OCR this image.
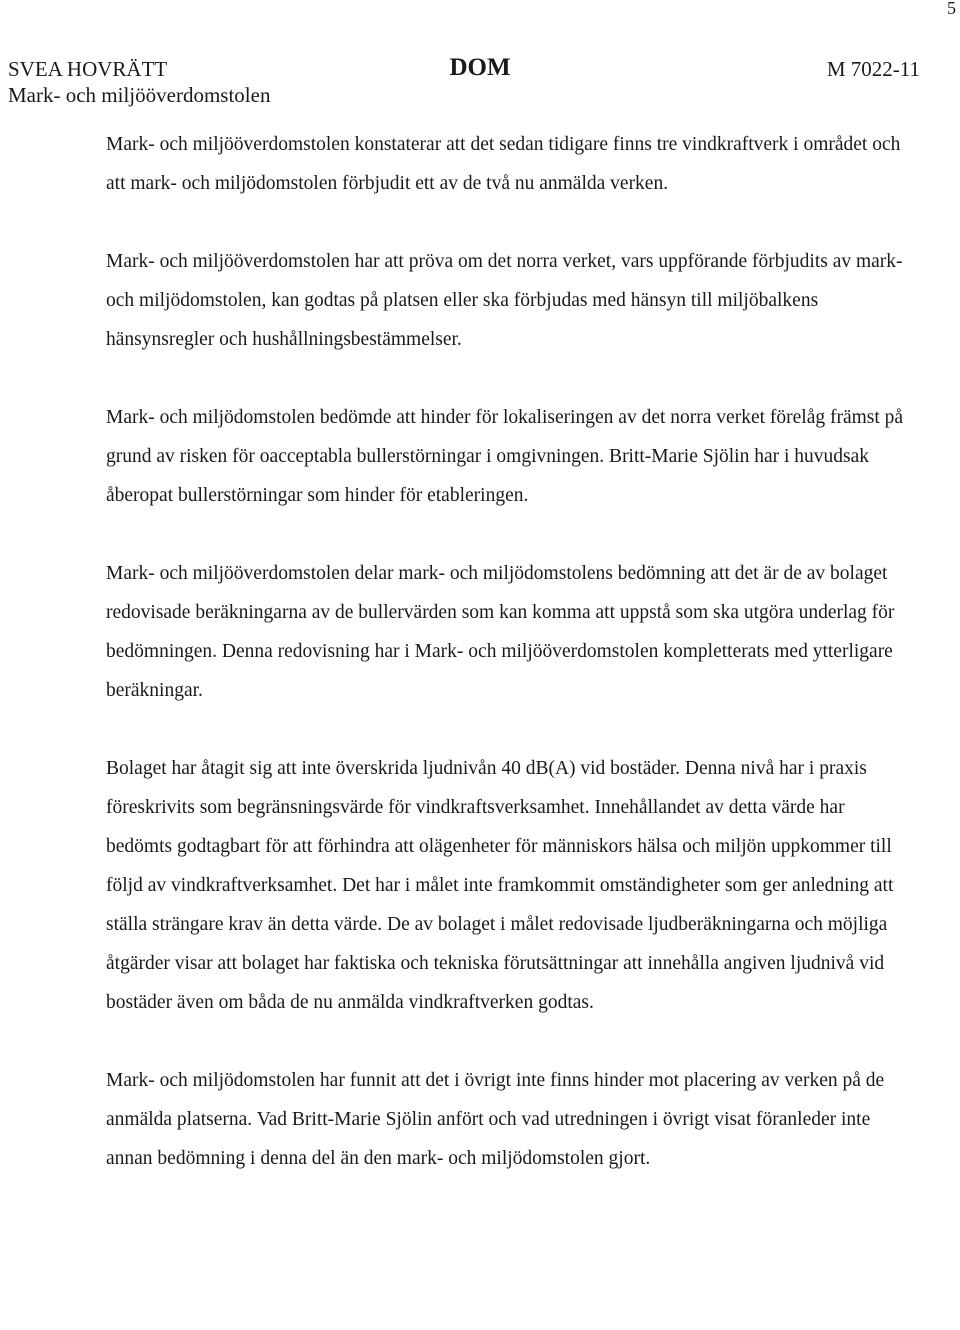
5
SVEA HOVRÄTT
Mark- och miljööverdomstolen
DOM	M 7022-11

Mark- och miljööverdomstolen konstaterar att det sedan tidigare finns tre vindkraftverk i området och att mark- och miljödomstolen förbjudit ett av de två nu anmälda verken.

Mark- och miljööverdomstolen har att pröva om det norra verket, vars uppförande förbjudits av mark- och miljödomstolen, kan godtas på platsen eller ska förbjudas med hänsyn till miljöbalkens hänsynsregler och hushållningsbestämmelser.

Mark- och miljödomstolen bedömde att hinder för lokaliseringen av det norra verket förelåg främst på grund av risken för oacceptabla bullerstörningar i omgivningen. Britt-Marie Sjölin har i huvudsak åberopat bullerstörningar som hinder för etableringen.

Mark- och miljööverdomstolen delar mark- och miljödomstolens bedömning att det är de av bolaget redovisade beräkningarna av de bullervärden som kan komma att uppstå som ska utgöra underlag för bedömningen. Denna redovisning har i Mark- och miljööverdomstolen kompletterats med ytterligare beräkningar.

Bolaget har åtagit sig att inte överskrida ljudnivån 40 dB(A) vid bostäder. Denna nivå har i praxis föreskrivits som begränsningsvärde för vindkraftsverksamhet. Innehållandet av detta värde har bedömts godtagbart för att förhindra att olägenheter för människors hälsa och miljön uppkommer till följd av vindkraftverksamhet. Det har i målet inte framkommit omständigheter som ger anledning att ställa strängare krav än detta värde. De av bolaget i målet redovisade ljudberäkningarna och möjliga åtgärder visar att bolaget har faktiska och tekniska förutsättningar att innehålla angiven ljudnivå vid bostäder även om båda de nu anmälda vindkraftverken godtas.

Mark- och miljödomstolen har funnit att det i övrigt inte finns hinder mot placering av verken på de anmälda platserna. Vad Britt-Marie Sjölin anfört och vad utredningen i övrigt visat föranleder inte annan bedömning i denna del än den mark- och miljödomstolen gjort.
